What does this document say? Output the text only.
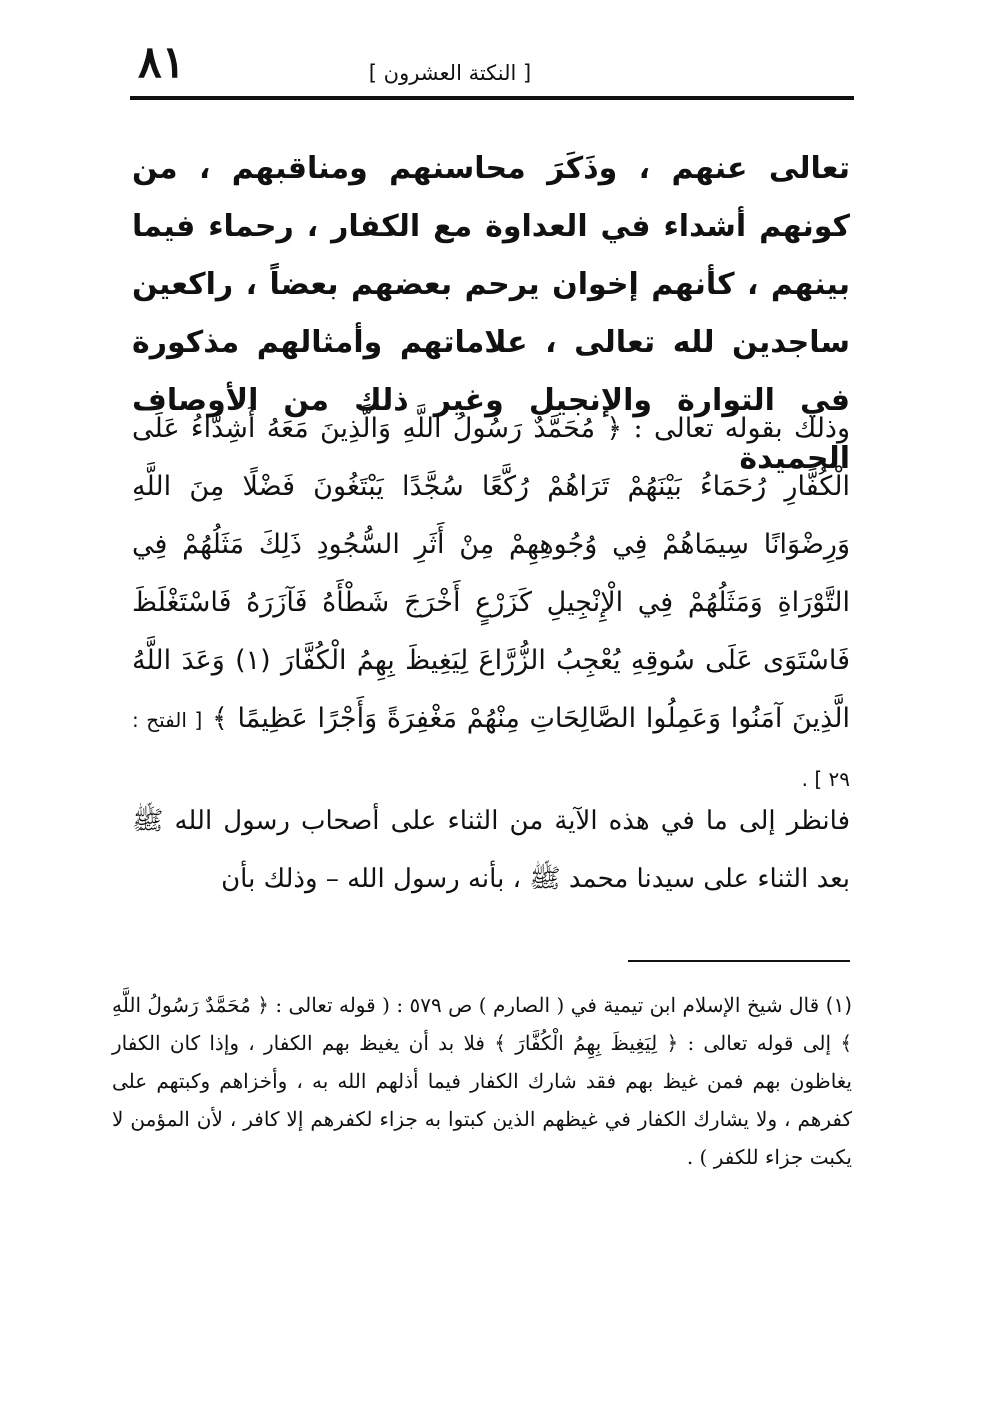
٨١	[ النكتة العشرون ]
تعالى عنهم ، وذَكَرَ محاسنهم ومناقبهم ، من كونهم أشداء في العداوة مع الكفار ، رحماء فيما بينهم ، كأنهم إخوان يرحم بعضهم بعضاً ، راكعين ساجدين لله تعالى ، علاماتهم وأمثالهم مذكورة في التوارة والإنجيل وغير ذلك من الأوصاف الحميدة
وذلك بقوله تعالى : ﴿ مُحَمَّدٌ رَسُولُ اللَّهِ وَالَّذِينَ مَعَهُ أَشِدَّاءُ عَلَى الْكُفَّارِ رُحَمَاءُ بَيْنَهُمْ تَرَاهُمْ رُكَّعًا سُجَّدًا يَبْتَغُونَ فَضْلًا مِنَ اللَّهِ وَرِضْوَانًا سِيمَاهُمْ فِي وُجُوهِهِمْ مِنْ أَثَرِ السُّجُودِ ذَلِكَ مَثَلُهُمْ فِي التَّوْرَاةِ وَمَثَلُهُمْ فِي الْإِنْجِيلِ كَزَرْعٍ أَخْرَجَ شَطْأَهُ فَآزَرَهُ فَاسْتَغْلَظَ فَاسْتَوَى عَلَى سُوقِهِ يُعْجِبُ الزُّرَّاعَ لِيَغِيظَ بِهِمُ الْكُفَّارَ (١) وَعَدَ اللَّهُ الَّذِينَ آمَنُوا وَعَمِلُوا الصَّالِحَاتِ مِنْهُمْ مَغْفِرَةً وَأَجْرًا عَظِيمًا ﴾ [ الفتح : ٢٩ ] .
فانظر إلى ما في هذه الآية من الثناء على أصحاب رسول الله ﷺ بعد الثناء على سيدنا محمد ﷺ ، بأنه رسول الله – وذلك بأن
(١) قال شيخ الإسلام ابن تيمية في ( الصارم ) ص ٥٧٩ : ( قوله تعالى : ﴿ مُحَمَّدٌ رَسُولُ اللَّهِ ﴾ إلى قوله تعالى : ﴿ لِيَغِيظَ بِهِمُ الْكُفَّارَ ﴾ فلا بد أن يغيظ بهم الكفار ، وإذا كان الكفار يغاظون بهم فمن غيظ بهم فقد شارك الكفار فيما أذلهم الله به ، وأخزاهم وكبتهم على كفرهم ، ولا يشارك الكفار في غيظهم الذين كبتوا به جزاء لكفرهم إلا كافر ، لأن المؤمن لا يكبت جزاء للكفر ) .
